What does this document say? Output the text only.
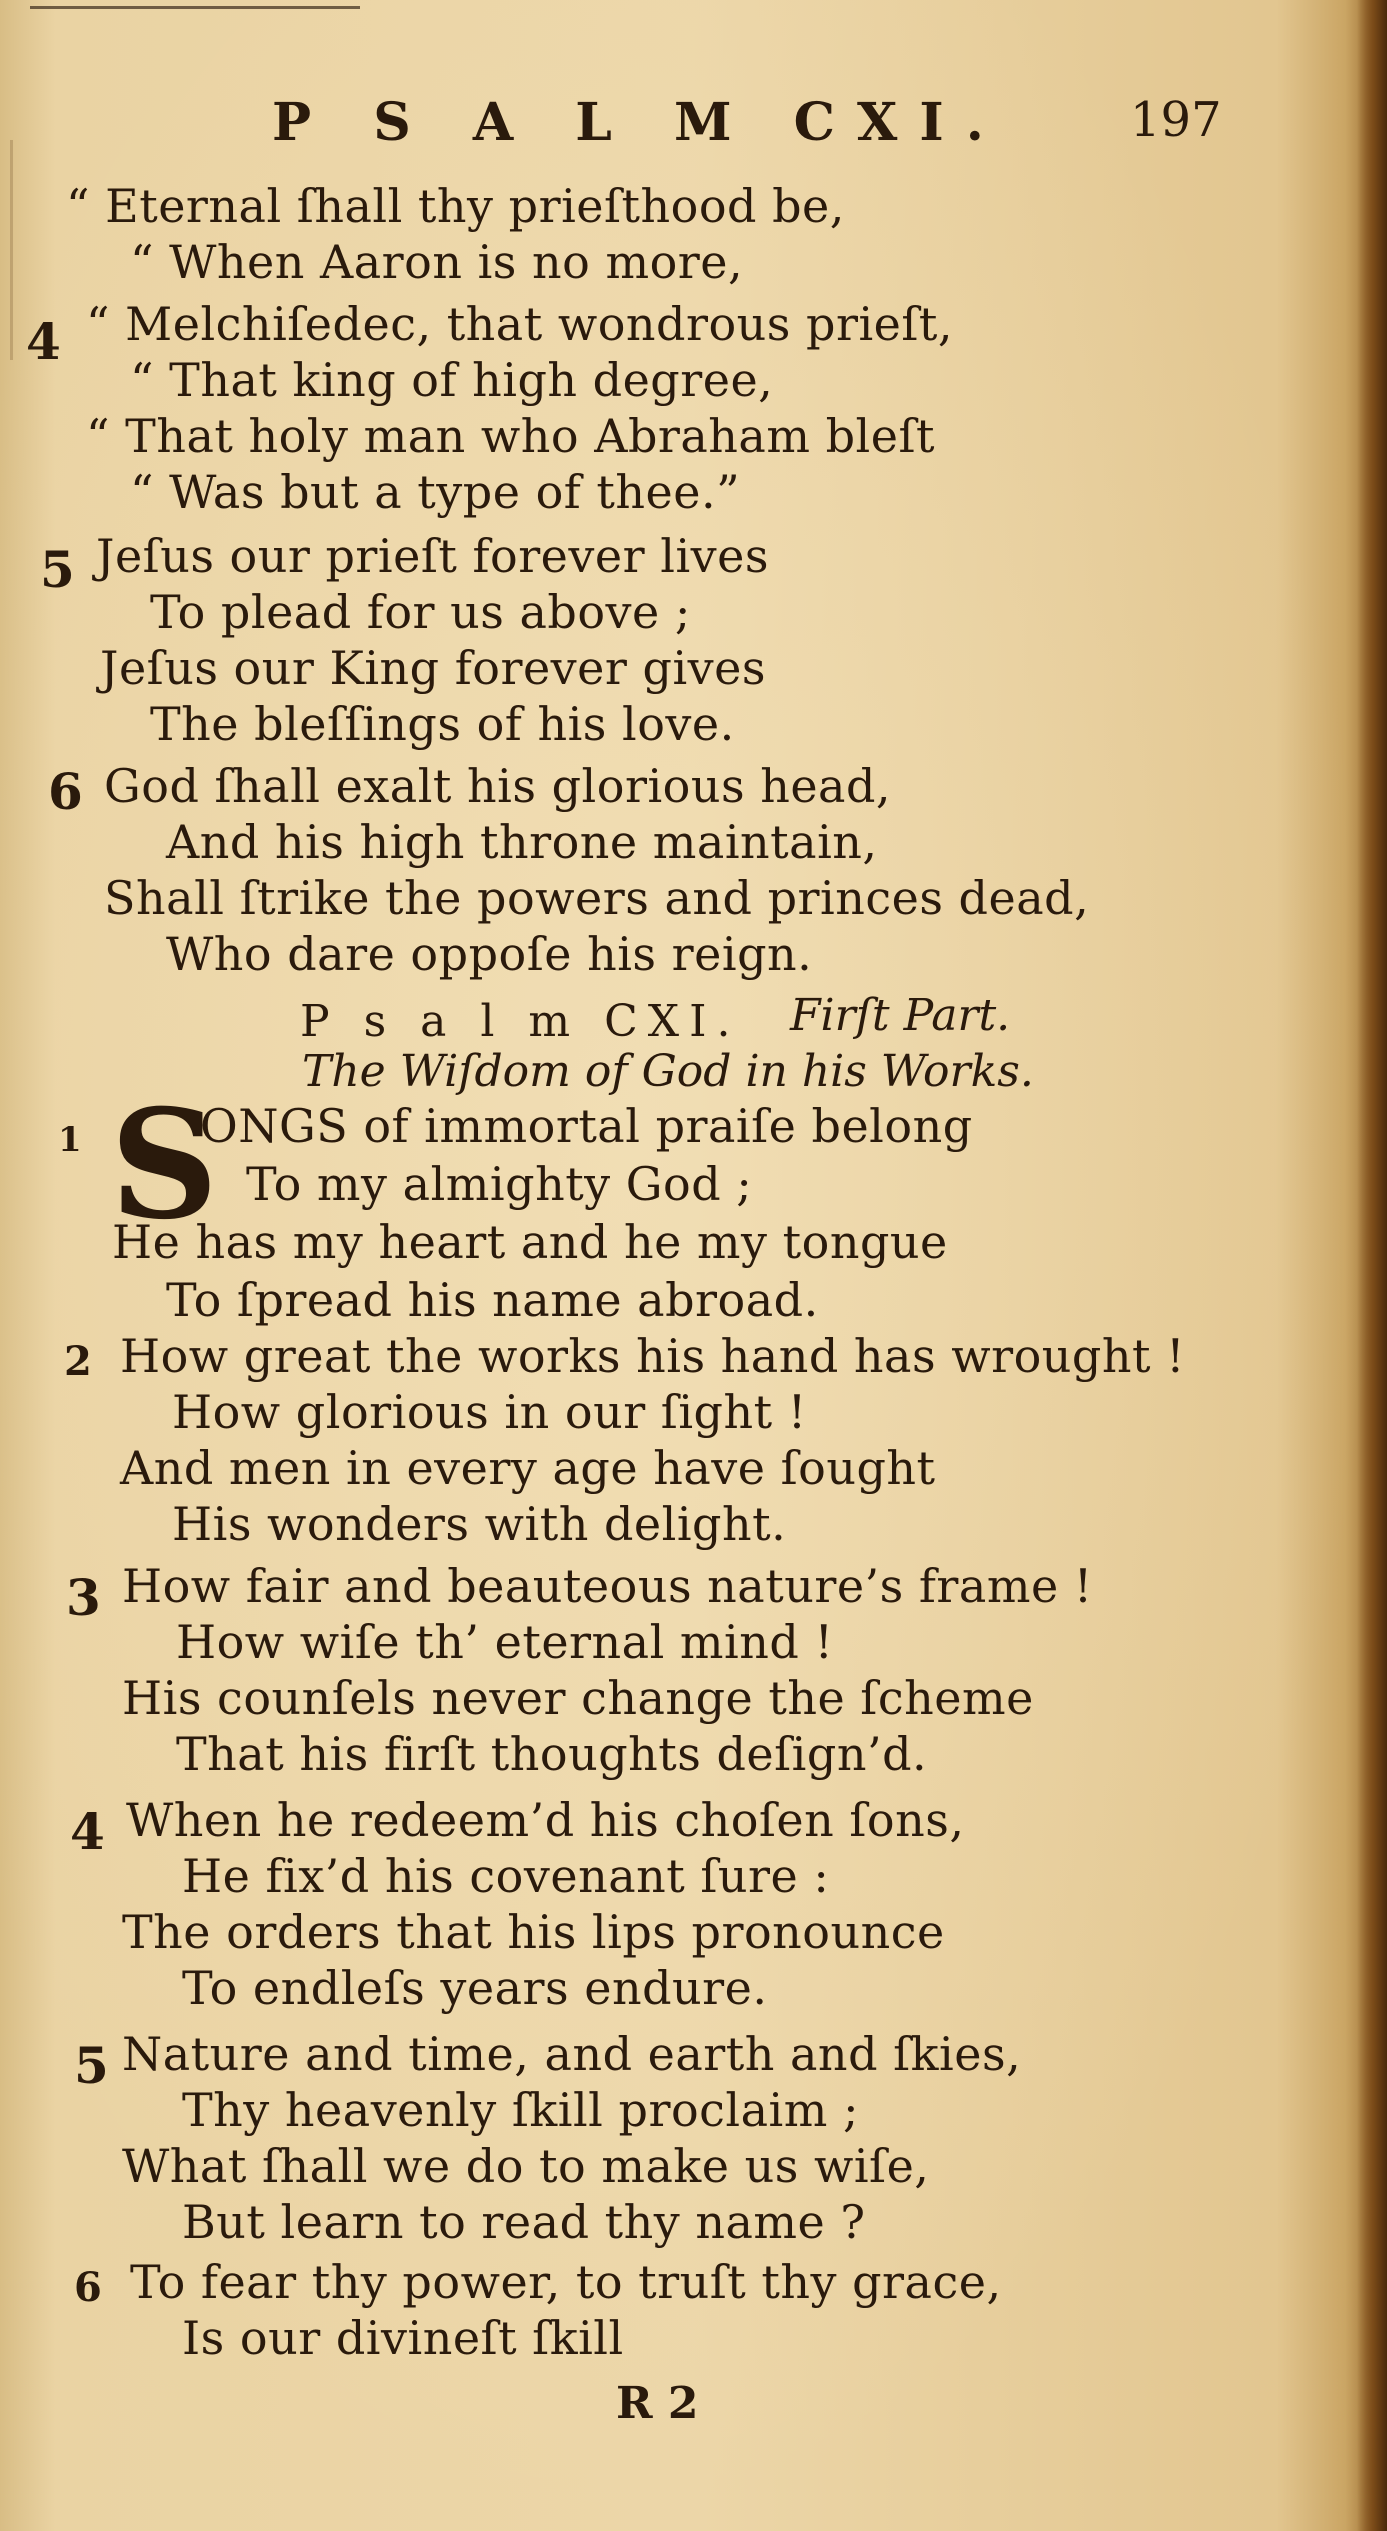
P S A L M CXI.	197
“ Eternal ſhall thy prieſthood be,
“ When Aaron is no more,
4 “ Melchiſedec, that wondrous prieſt,
“ That king of high degree,
“ That holy man who Abraham bleſt
“ Was but a type of thee.”
5 Jeſus our prieſt forever lives
To plead for us above ;
Jeſus our King forever gives
The bleſſings of his love.
6 God ſhall exalt his glorious head,
And his high throne maintain,
Shall ſtrike the powers and princes dead,
Who dare oppoſe his reign.
P s a l m CXI. Firſt Part.
The Wiſdom of God in his Works.
1 S
ONGS of immortal praiſe belong
To my almighty God ;
He has my heart and he my tongue
To ſpread his name abroad.
2 How great the works his hand has wrought !
How glorious in our ſight !
And men in every age have ſought
His wonders with delight.
3 How fair and beauteous nature’s frame !
How wiſe th’ eternal mind !
His counſels never change the ſcheme
That his firſt thoughts deſign’d.
4 When he redeem’d his choſen ſons,
He fix’d his covenant ſure :
The orders that his lips pronounce
To endleſs years endure.
5 Nature and time, and earth and ſkies,
Thy heavenly ſkill proclaim ;
What ſhall we do to make us wiſe,
But learn to read thy name ?
6 To fear thy power, to truſt thy grace,
Is our divineſt ſkill
R 2
